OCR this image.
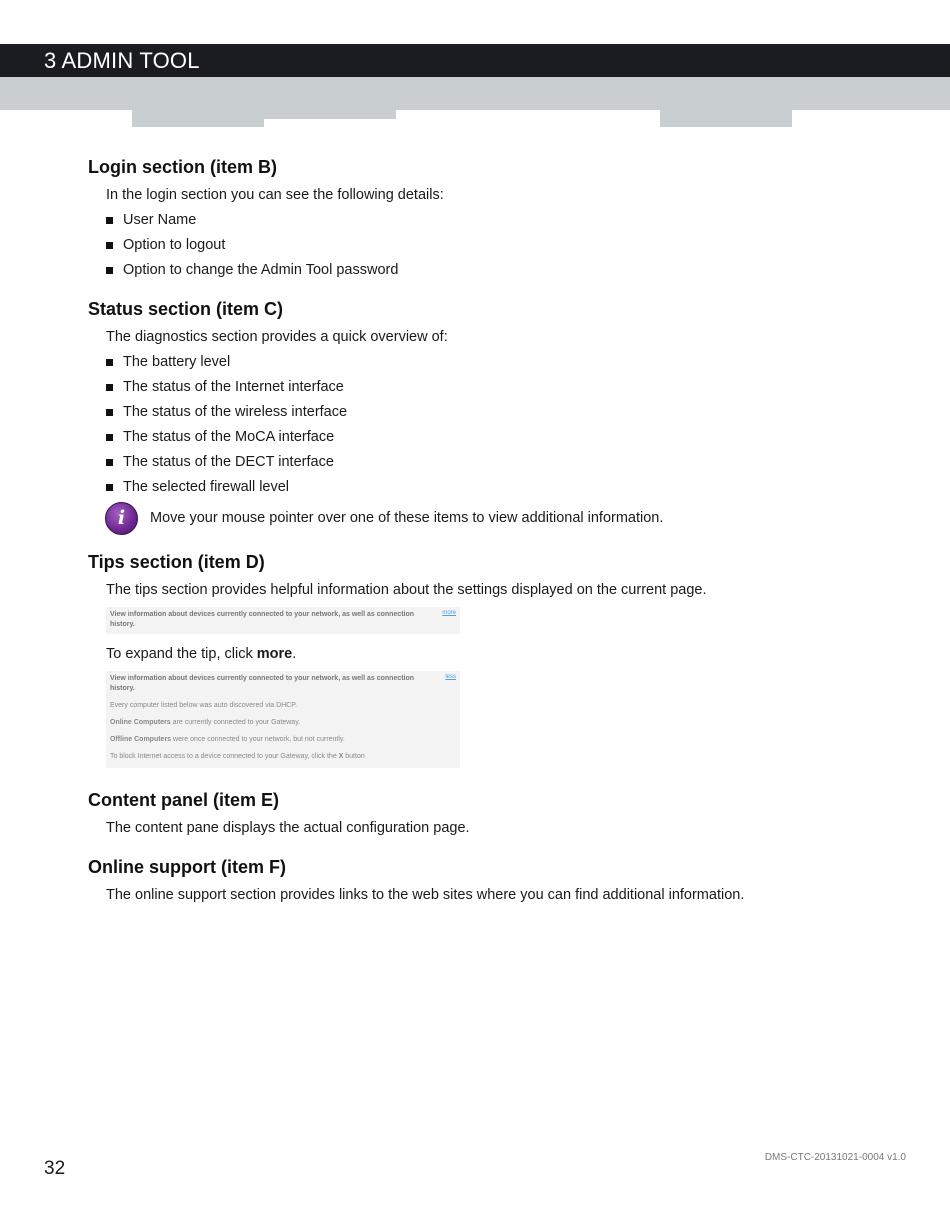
3 ADMIN TOOL
Login section (item B)

In the login section you can see the following details:

User Name
Option to logout
Option to change the Admin Tool password
Status section (item C)

The diagnostics section provides a quick overview of:

The battery level
The status of the Internet interface
The status of the wireless interface
The status of the MoCA interface
The status of the DECT interface
The selected firewall level
i	Move your mouse pointer over one of these items to view additional information.
Tips section (item D)

The tips section provides helpful information about the settings displayed on the current page.

View information about devices currently connected to your network, as well as connection history.
more

To expand the tip, click more.

View information about devices currently connected to your network, as well as connection history.
less
Every computer listed below was auto discovered via DHCP.
Online Computers are currently connected to your Gateway.
Offline Computers were once connected to your network, but not currently.
To block Internet access to a device connected to your Gateway, click the X button
Content panel (item E)

The content pane displays the actual configuration page.

Online support (item F)

The online support section provides links to the web sites where you can find additional information.

32
DMS-CTC-20131021-0004 v1.0
